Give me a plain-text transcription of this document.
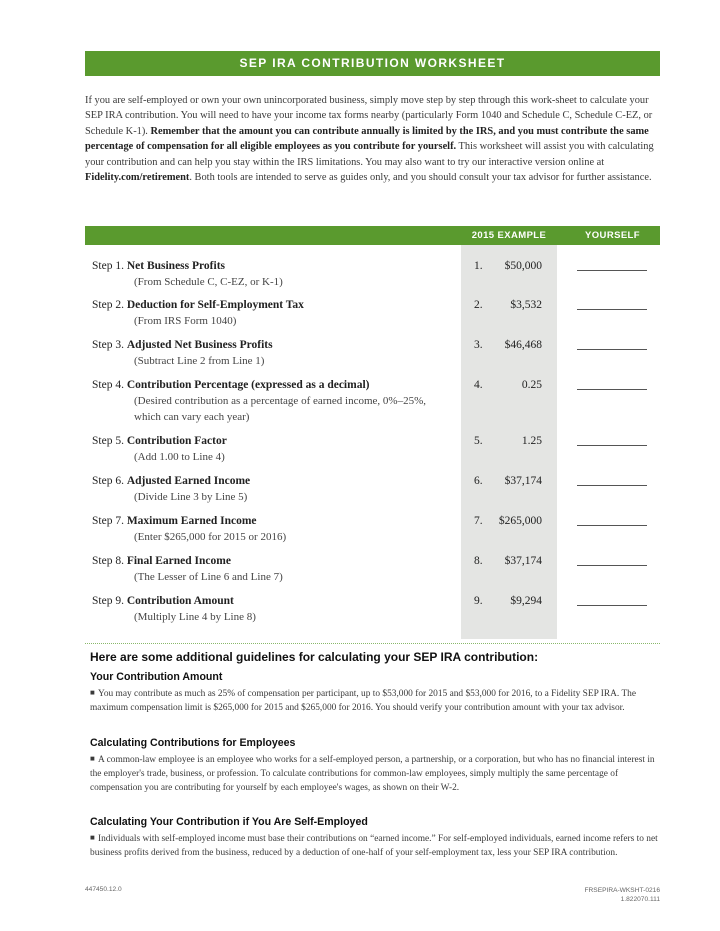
SEP IRA CONTRIBUTION WORKSHEET
If you are self-employed or own your own unincorporated business, simply move step by step through this work-sheet to calculate your SEP IRA contribution. You will need to have your income tax forms nearby (particularly Form 1040 and Schedule C, Schedule C-EZ, or Schedule K-1). Remember that the amount you can contribute annually is limited by the IRS, and you must contribute the same percentage of compensation for all eligible employees as you contribute for yourself. This worksheet will assist you with calculating your contribution and can help you stay within the IRS limitations. You may also want to try our interactive version online at Fidelity.com/retirement. Both tools are intended to serve as guides only, and you should consult your tax advisor for further assistance.
2015 EXAMPLE	YOURSELF
Step 1. Net Business Profits
(From Schedule C, C-EZ, or K-1)
1.	$50,000
Step 2. Deduction for Self-Employment Tax
(From IRS Form 1040)
2.	$3,532
Step 3. Adjusted Net Business Profits
(Subtract Line 2 from Line 1)
3.	$46,468
Step 4. Contribution Percentage (expressed as a decimal)
(Desired contribution as a percentage of earned income, 0%–25%, which can vary each year)
4.	0.25
Step 5. Contribution Factor
(Add 1.00 to Line 4)
5.	1.25
Step 6. Adjusted Earned Income
(Divide Line 3 by Line 5)
6.	$37,174
Step 7. Maximum Earned Income
(Enter $265,000 for 2015 or 2016)
7.	$265,000
Step 8. Final Earned Income
(The Lesser of Line 6 and Line 7)
8.	$37,174
Step 9. Contribution Amount
(Multiply Line 4 by Line 8)
9.	$9,294
Here are some additional guidelines for calculating your SEP IRA contribution:
Your Contribution Amount
■ You may contribute as much as 25% of compensation per participant, up to $53,000 for 2015 and $53,000 for 2016, to a Fidelity SEP IRA. The maximum compensation limit is $265,000 for 2015 and $265,000 for 2016. You should verify your contribution amount with your tax advisor.
Calculating Contributions for Employees
■ A common-law employee is an employee who works for a self-employed person, a partnership, or a corporation, but who has no financial interest in the employer's trade, business, or profession. To calculate contributions for common-law employees, simply multiply the same percentage of compensation you are contributing for yourself by each employee's wages, as shown on their W-2.
Calculating Your Contribution if You Are Self-Employed
■ Individuals with self-employed income must base their contributions on “earned income.” For self-employed individuals, earned income refers to net business profits derived from the business, reduced by a deduction of one-half of your self-employment tax, less your SEP IRA contribution.
447450.12.0	FRSEPIRA-WKSHT-0216
1.822070.111
